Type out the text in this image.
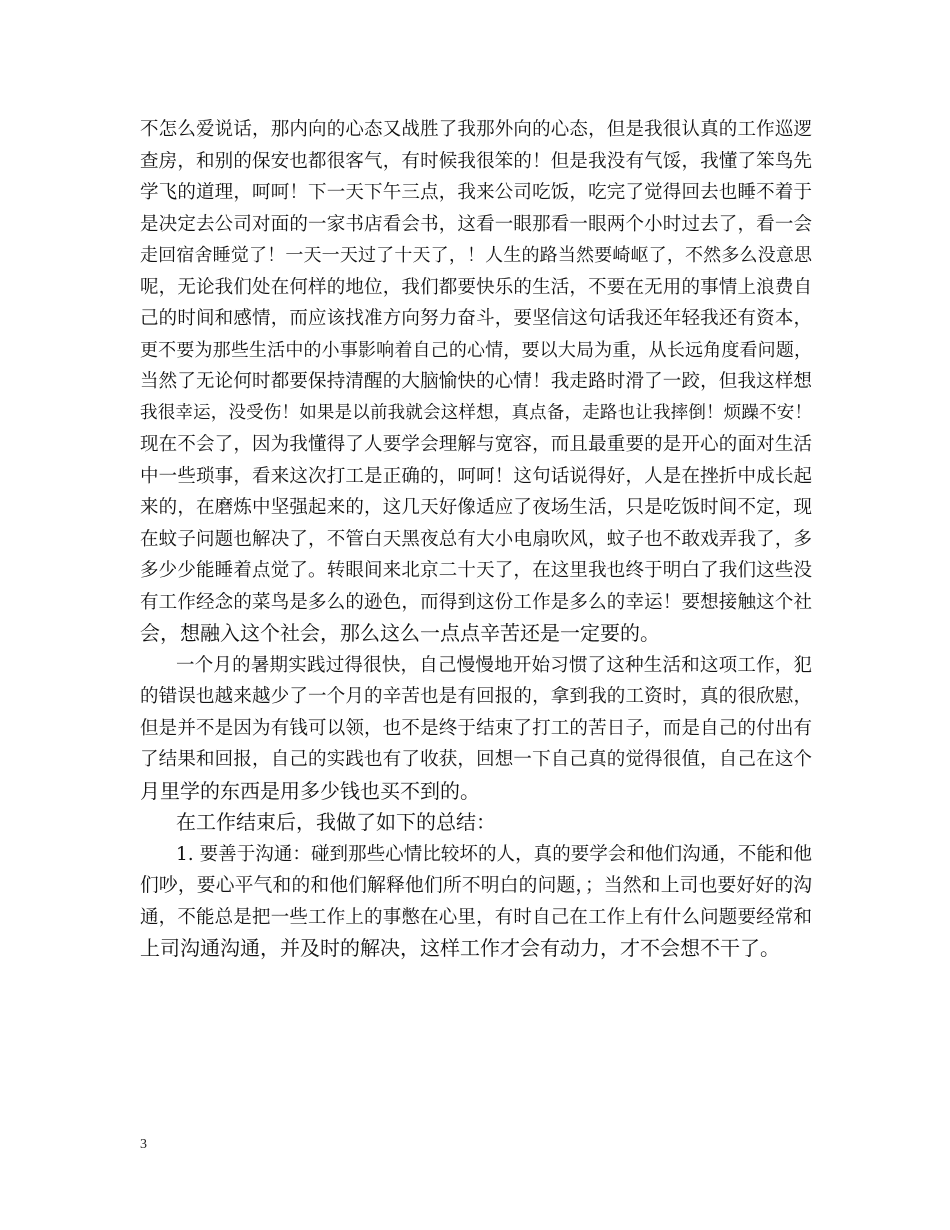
不怎么爱说话，那内向的心态又战胜了我那外向的心态，但是我很认真的工作巡逻
查房，和别的保安也都很客气，有时候我很笨的！但是我没有气馁，我懂了笨鸟先
学飞的道理，呵呵！下一天下午三点，我来公司吃饭，吃完了觉得回去也睡不着于
是决定去公司对面的一家书店看会书，这看一眼那看一眼两个小时过去了，看一会
走回宿舍睡觉了！一天一天过了十天了，！人生的路当然要崎岖了，不然多么没意思
呢，无论我们处在何样的地位，我们都要快乐的生活，不要在无用的事情上浪费自
己的时间和感情，而应该找准方向努力奋斗，要坚信这句话我还年轻我还有资本，
更不要为那些生活中的小事影响着自己的心情，要以大局为重，从长远角度看问题，
当然了无论何时都要保持清醒的大脑愉快的心情！我走路时滑了一跤，但我这样想
我很幸运，没受伤！如果是以前我就会这样想，真点备，走路也让我摔倒！烦躁不安！
现在不会了，因为我懂得了人要学会理解与宽容，而且最重要的是开心的面对生活
中一些琐事，看来这次打工是正确的，呵呵！这句话说得好，人是在挫折中成长起
来的，在磨炼中坚强起来的，这几天好像适应了夜场生活，只是吃饭时间不定，现
在蚊子问题也解决了，不管白天黑夜总有大小电扇吹风，蚊子也不敢戏弄我了，多
多少少能睡着点觉了。转眼间来北京二十天了，在这里我也终于明白了我们这些没
有工作经念的菜鸟是多么的逊色，而得到这份工作是多么的幸运！要想接触这个社
会，想融入这个社会，那么这么一点点辛苦还是一定要的。
一个月的暑期实践过得很快，自己慢慢地开始习惯了这种生活和这项工作，犯
的错误也越来越少了一个月的辛苦也是有回报的，拿到我的工资时，真的很欣慰，
但是并不是因为有钱可以领，也不是终于结束了打工的苦日子，而是自己的付出有
了结果和回报，自己的实践也有了收获，回想一下自己真的觉得很值，自己在这个
月里学的东西是用多少钱也买不到的。
在工作结束后，我做了如下的总结：
1. 要善于沟通：碰到那些心情比较坏的人，真的要学会和他们沟通，不能和他
们吵，要心平气和的和他们解释他们所不明白的问题，；当然和上司也要好好的沟
通，不能总是把一些工作上的事憋在心里，有时自己在工作上有什么问题要经常和
上司沟通沟通，并及时的解决，这样工作才会有动力，才不会想不干了。
3
